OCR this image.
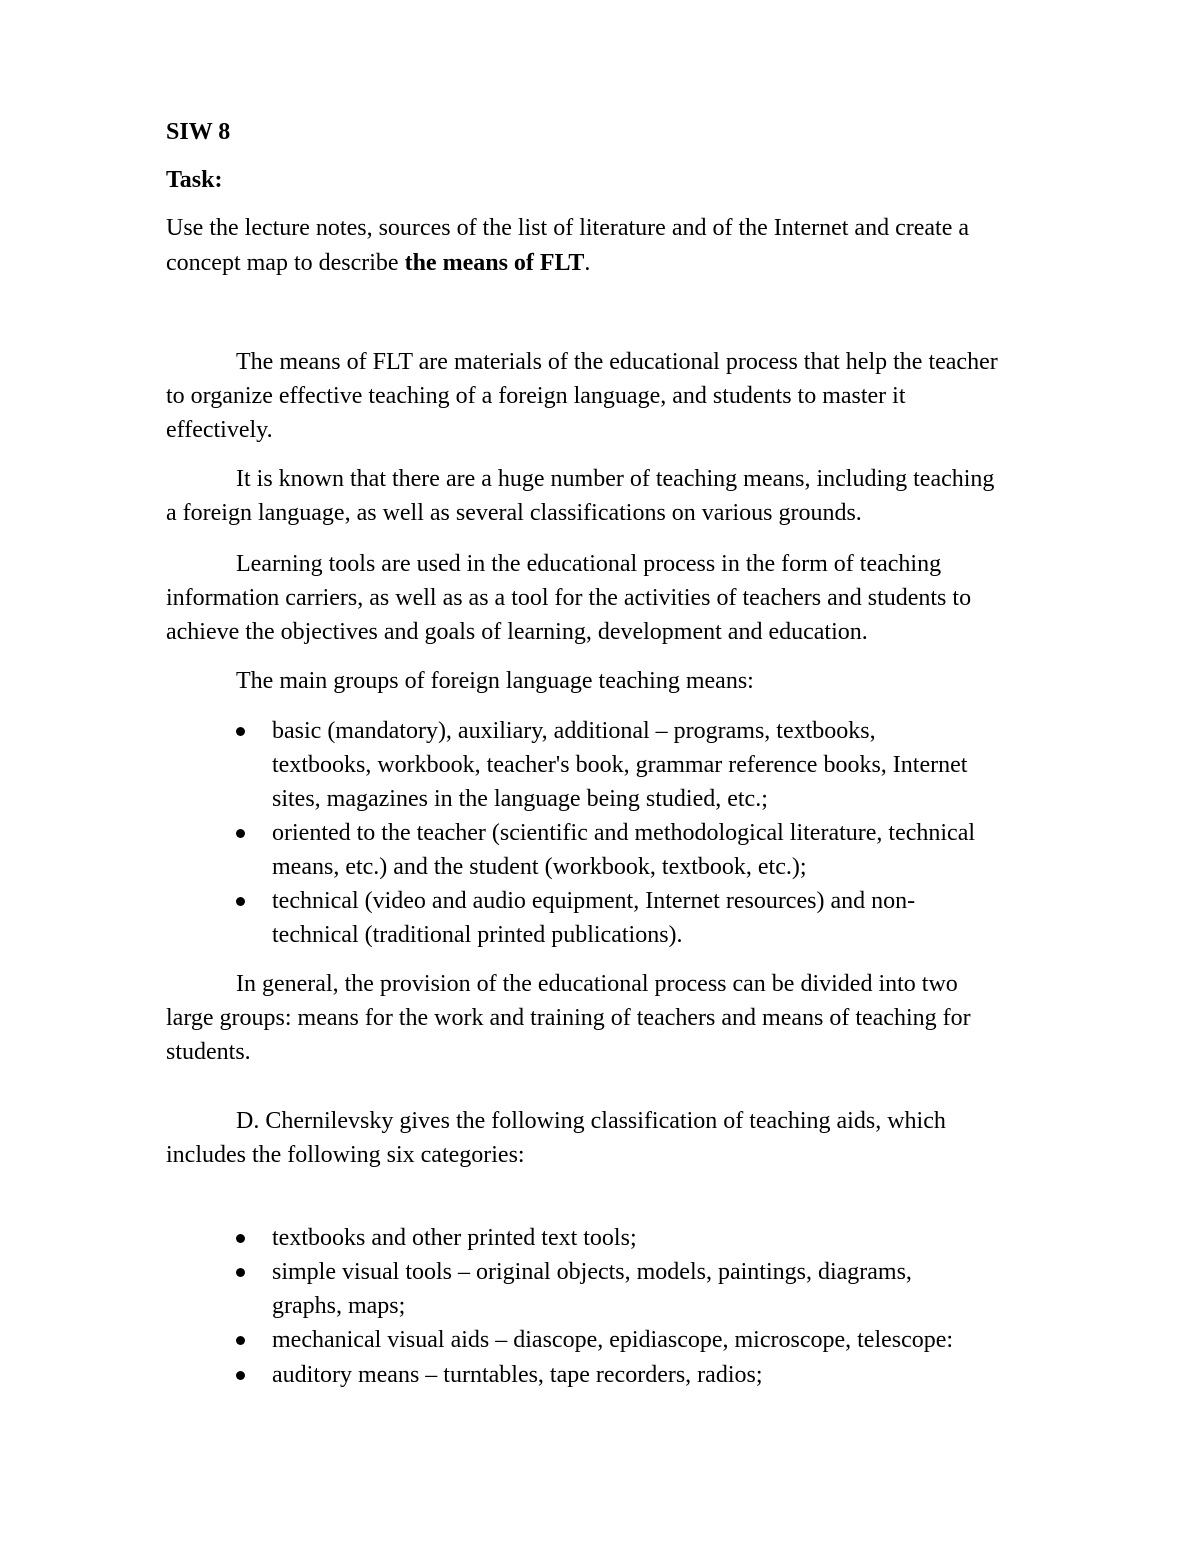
SIW 8
Task:
Use the lecture notes, sources of the list of literature and of the Internet and create a
concept map to describe the means of FLT.
The means of FLT are materials of the educational process that help the teacher
to organize effective teaching of a foreign language, and students to master it
effectively.
It is known that there are a huge number of teaching means, including teaching
a foreign language, as well as several classifications on various grounds.
Learning tools are used in the educational process in the form of teaching
information carriers, as well as as a tool for the activities of teachers and students to
achieve the objectives and goals of learning, development and education.
The main groups of foreign language teaching means:
basic (mandatory), auxiliary, additional – programs, textbooks,
textbooks, workbook, teacher's book, grammar reference books, Internet
sites, magazines in the language being studied, etc.;
oriented to the teacher (scientific and methodological literature, technical
means, etc.) and the student (workbook, textbook, etc.);
technical (video and audio equipment, Internet resources) and non-
technical (traditional printed publications).
In general, the provision of the educational process can be divided into two
large groups: means for the work and training of teachers and means of teaching for
students.
D. Chernilevsky gives the following classification of teaching aids, which
includes the following six categories:
textbooks and other printed text tools;
simple visual tools – original objects, models, paintings, diagrams,
graphs, maps;
mechanical visual aids – diascope, epidiascope, microscope, telescope:
auditory means – turntables, tape recorders, radios;
